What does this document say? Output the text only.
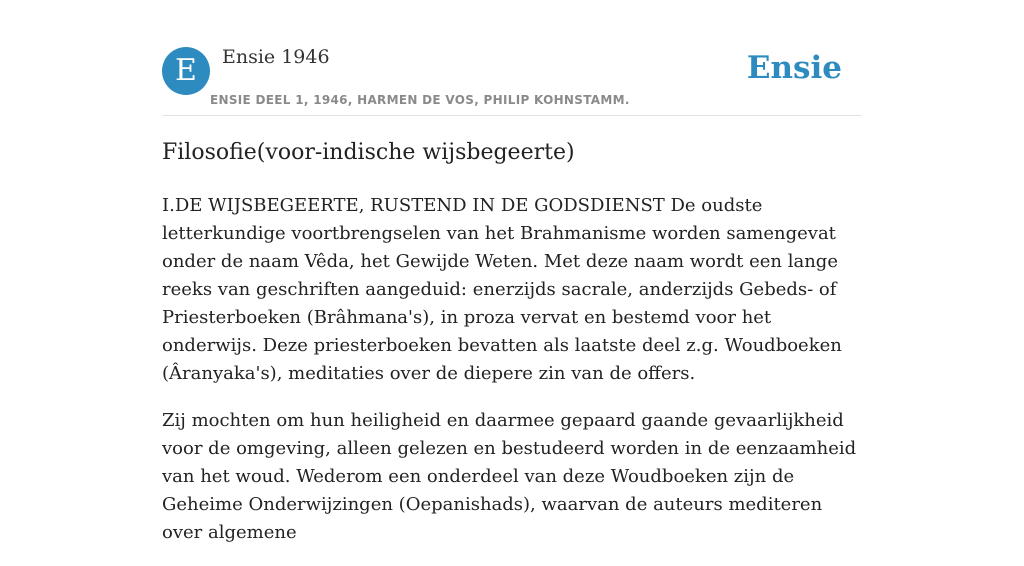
E	Ensie 1946
ENSIE DEEL 1, 1946, HARMEN DE VOS, PHILIP KOHNSTAMM.
Ensie
Filosofie(voor-indische wijsbegeerte)

I.DE WIJSBEGEERTE, RUSTEND IN DE GODSDIENST De oudste letterkundige voortbrengselen van het Brahmanisme worden samengevat onder de naam Vêda, het Gewijde Weten. Met deze naam wordt een lange reeks van geschriften aangeduid: enerzijds sacrale, anderzijds Gebeds- of Priesterboeken (Brâhmana's), in proza vervat en bestemd voor het onderwijs. Deze priesterboeken bevatten als laatste deel z.g. Woudboeken (Âranyaka's), meditaties over de diepere zin van de offers.

Zij mochten om hun heiligheid en daarmee gepaard gaande gevaarlijkheid voor de omgeving, alleen gelezen en bestudeerd worden in de eenzaamheid van het woud. Wederom een onderdeel van deze Woudboeken zijn de Geheime Onderwijzingen (Oepanishads), waarvan de auteurs mediteren over algemene
